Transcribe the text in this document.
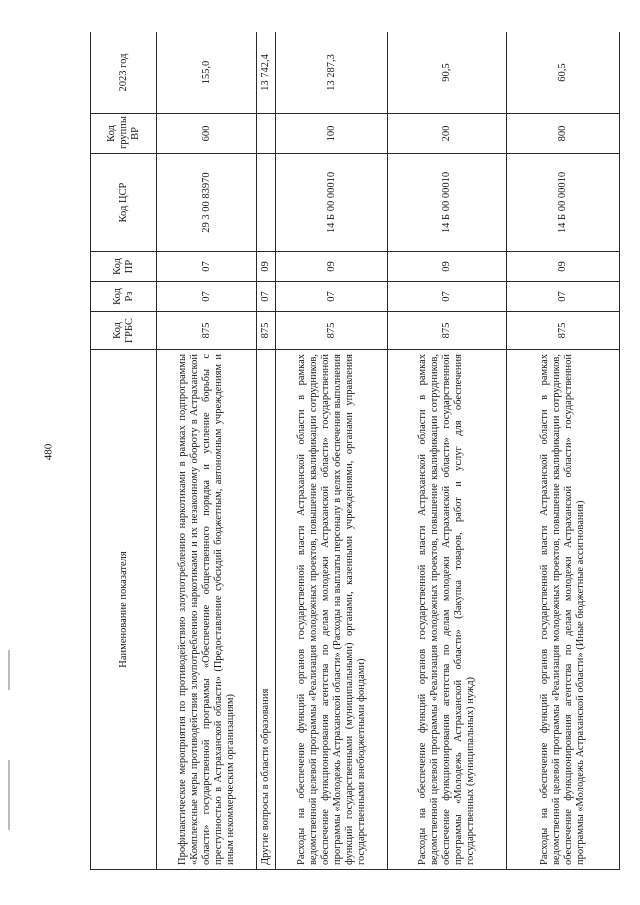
480
Наименование показателя	Код ГРБС	Код Рз	Код ПР	Код ЦСР	Код группы ВР	2023 год
Профилактические мероприятия по противодействию злоупотреблению наркотиками в рамках подпрограммы «Комплексные меры противодействия злоупотреблению наркотиками и их незаконному обороту в Астраханской области» государственной программы «Обеспечение общественного порядка и усиление борьбы с преступностью в Астраханской области» (Предоставление субсидий бюджетным, автономным учреждениям и иным некоммерческим организациям)	875	07	07	29 3 00 83970	600	155,0
Другие вопросы в области образования	875	07	09			13 742,4
Расходы на обеспечение функций органов государственной власти Астраханской области в рамках ведомственной целевой программы «Реализация молодежных проектов, повышение квалификации сотрудников, обеспечение функционирования агентства по делам молодежи Астраханской области» государственной программы «Молодежь Астраханской области» (Расходы на выплаты персоналу в целях обеспечения выполнения функций государственными (муниципальными) органами, казенными учреждениями, органами управления государственными внебюджетными фондами)	875	07	09	14 Б 00 00010	100	13 287,3
Расходы на обеспечение функций органов государственной власти Астраханской области в рамках ведомственной целевой программы «Реализация молодежных проектов, повышение квалификации сотрудников, обеспечение функционирования агентства по делам молодежи Астраханской области» государственной программы «Молодежь Астраханской области» (Закупка товаров, работ и услуг для обеспечения государственных (муниципальных) нужд)	875	07	09	14 Б 00 00010	200	90,5
Расходы на обеспечение функций органов государственной власти Астраханской области в рамках ведомственной целевой программы «Реализация молодежных проектов, повышение квалификации сотрудников, обеспечение функционирования агентства по делам молодежи Астраханской области» государственной программы «Молодежь Астраханской области» (Иные бюджетные ассигнования)	875	07	09	14 Б 00 00010	800	60,5
